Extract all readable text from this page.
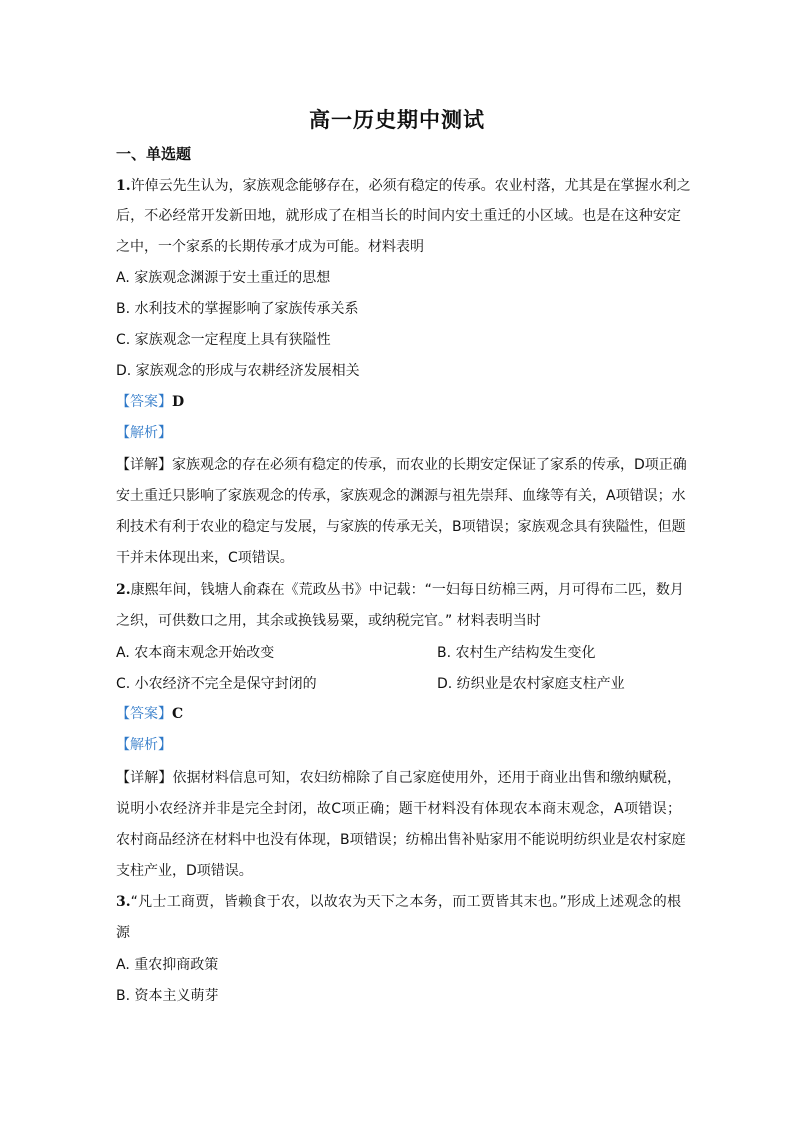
高一历史期中测试
一、单选题
1.许倬云先生认为，家族观念能够存在，必须有稳定的传承。农业村落，尤其是在掌握水利之
后，不必经常开发新田地，就形成了在相当长的时间内安土重迁的小区域。也是在这种安定
之中，一个家系的长期传承才成为可能。材料表明
A. 家族观念渊源于安土重迁的思想
B. 水利技术的掌握影响了家族传承关系
C. 家族观念一定程度上具有狭隘性
D. 家族观念的形成与农耕经济发展相关
【答案】D
【解析】
【详解】家族观念的存在必须有稳定的传承，而农业的长期安定保证了家系的传承，D项正确
安土重迁只影响了家族观念的传承，家族观念的渊源与祖先崇拜、血缘等有关，A项错误；水
利技术有利于农业的稳定与发展，与家族的传承无关，B项错误；家族观念具有狭隘性，但题
干并未体现出来，C项错误。
2.康熙年间，钱塘人俞森在《荒政丛书》中记载：“一妇每日纺棉三两，月可得布二匹，数月
之织，可供数口之用，其余或换钱易粟，或纳税完官。” 材料表明当时
A. 农本商末观念开始改变	B. 农村生产结构发生变化
C. 小农经济不完全是保守封闭的	D. 纺织业是农村家庭支柱产业
【答案】C
【解析】
【详解】依据材料信息可知，农妇纺棉除了自己家庭使用外，还用于商业出售和缴纳赋税，
说明小农经济并非是完全封闭，故C项正确；题干材料没有体现农本商末观念，A项错误；
农村商品经济在材料中也没有体现，B项错误；纺棉出售补贴家用不能说明纺织业是农村家庭
支柱产业，D项错误。
3.“凡士工商贾，皆赖食于农，以故农为天下之本务，而工贾皆其末也。”形成上述观念的根
源
A. 重农抑商政策
B. 资本主义萌芽
